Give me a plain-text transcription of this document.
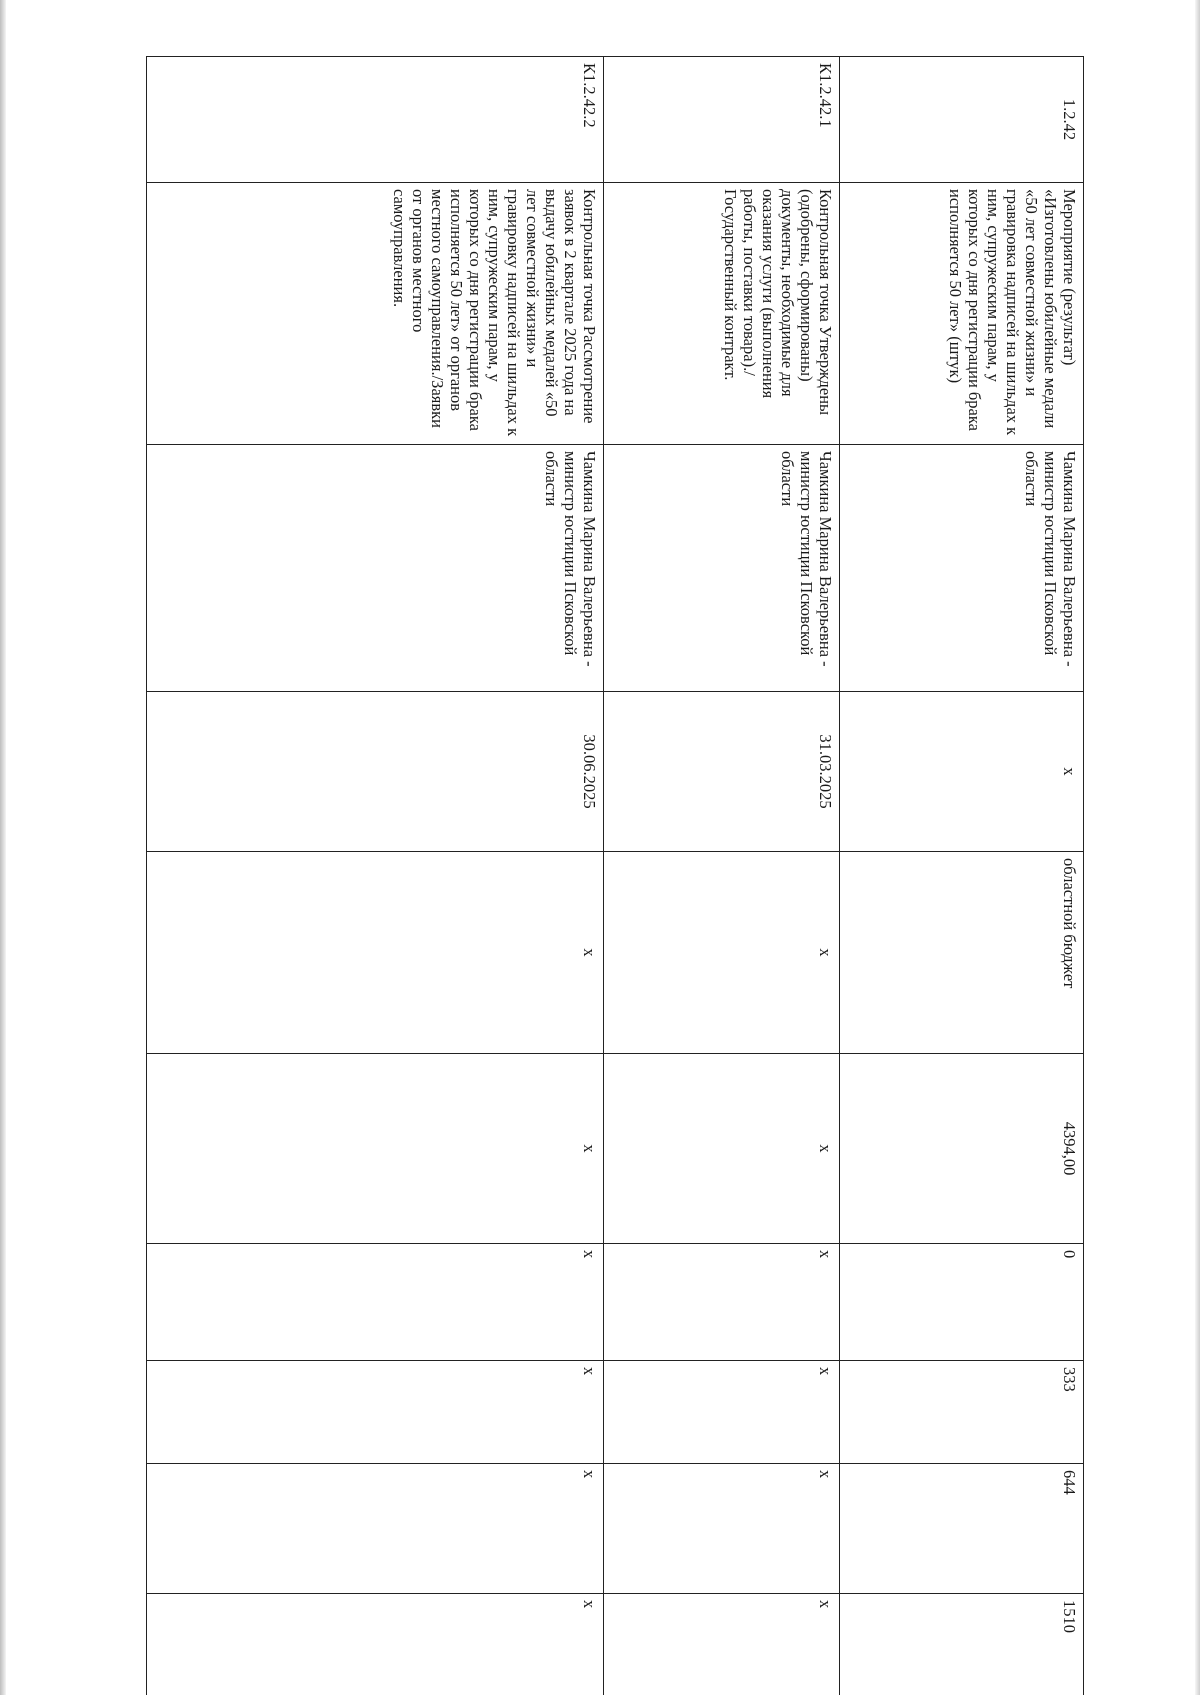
1.2.42	Мероприятие (результат) «Изготовлены юбилейные медали «50 лет совместной жизни» и гравировка надписей на шильдах к ним, супружеским парам, у которых со дня регистрации брака исполняется 50 лет» (штук)	Чамкина Марина Валерьевна - министр юстиции Псковской области	x	областной бюджет	4394,00	0	333	644	1510
К1.2.42.1	Контрольная точка Утверждены (одобрены, сформированы) документы, необходимые для оказания услуги (выполнения работы, поставки товара)./Государственный контракт.	Чамкина Марина Валерьевна - министр юстиции Псковской области	31.03.2025	x	x	x	x	x	x
К1.2.42.2	Контрольная точка Рассмотрение заявок в 2 квартале 2025 года на выдачу юбилейных медалей «50 лет совместной жизни» и гравировку надписей на шильдах к ним, супружеским парам, у которых со дня регистрации брака исполняется 50 лет» от органов местного самоуправления./Заявки от органов местного самоуправления.	Чамкина Марина Валерьевна - министр юстиции Псковской области	30.06.2025	x	x	x	x	x	x
